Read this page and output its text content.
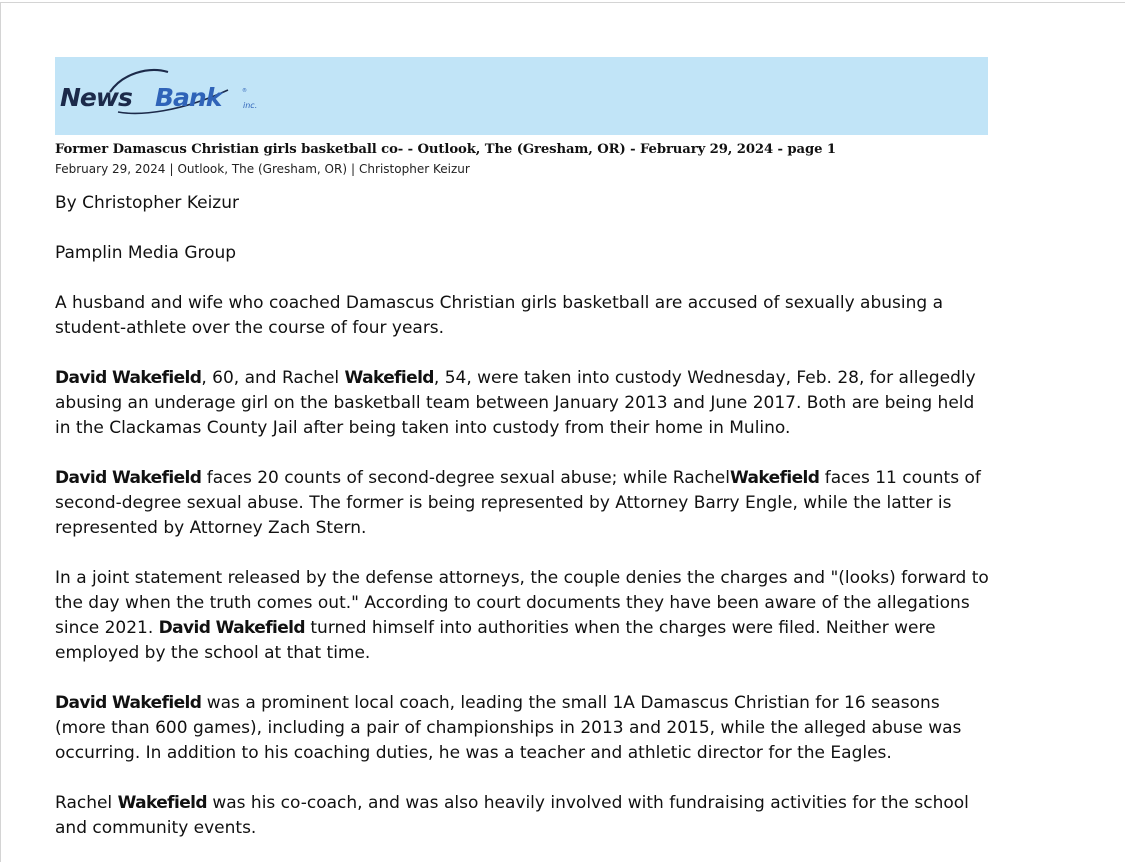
News Bank	inc.
®
Former Damascus Christian girls basketball co- - Outlook, The (Gresham, OR) - February 29, 2024 - page 1
February 29, 2024 | Outlook, The (Gresham, OR) | Christopher Keizur

By Christopher Keizur

Pamplin Media Group

A husband and wife who coached Damascus Christian girls basketball are accused of sexually abusing a student-athlete over the course of four years.

David Wakefield, 60, and Rachel Wakefield, 54, were taken into custody Wednesday, Feb. 28, for allegedly abusing an underage girl on the basketball team between January 2013 and June 2017. Both are being held in the Clackamas County Jail after being taken into custody from their home in Mulino.

David Wakefield faces 20 counts of second-degree sexual abuse; while RachelWakefield faces 11 counts of second-degree sexual abuse. The former is being represented by Attorney Barry Engle, while the latter is represented by Attorney Zach Stern.

In a joint statement released by the defense attorneys, the couple denies the charges and "(looks) forward to the day when the truth comes out." According to court documents they have been aware of the allegations since 2021. David Wakefield turned himself into authorities when the charges were filed. Neither were employed by the school at that time.

David Wakefield was a prominent local coach, leading the small 1A Damascus Christian for 16 seasons (more than 600 games), including a pair of championships in 2013 and 2015, while the alleged abuse was occurring. In addition to his coaching duties, he was a teacher and athletic director for the Eagles.

Rachel Wakefield was his co-coach, and was also heavily involved with fundraising activities for the school and community events.
